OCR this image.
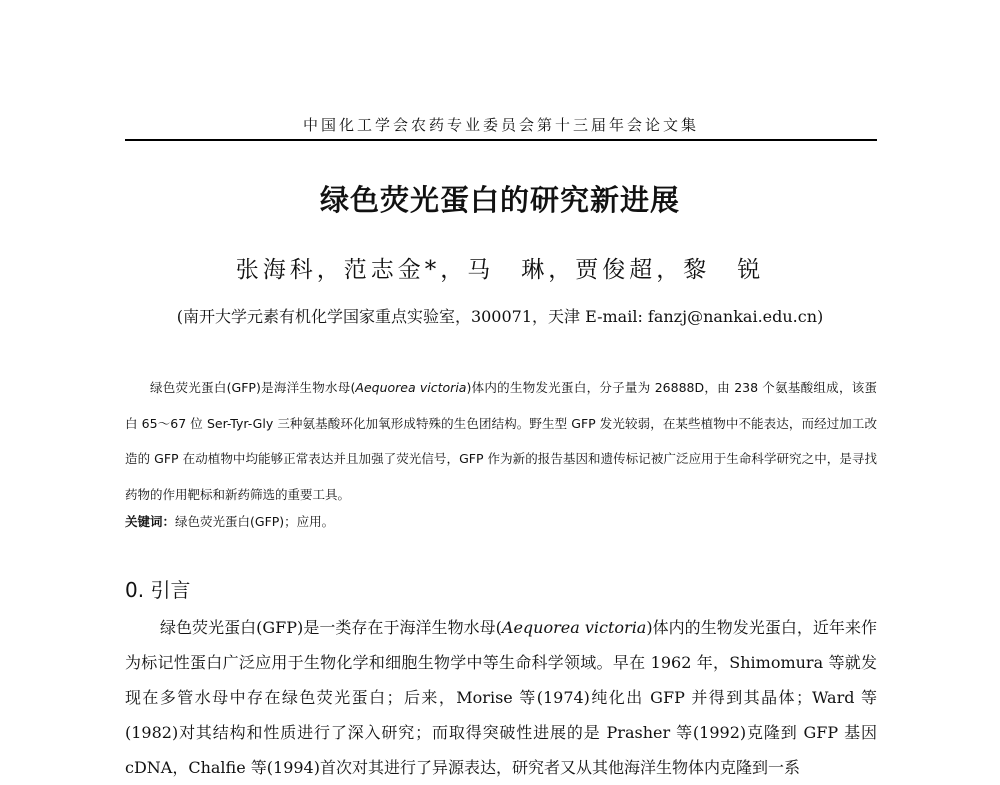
中国化工学会农药专业委员会第十三届年会论文集
绿色荧光蛋白的研究新进展
张海科，范志金*，马　琳，贾俊超，黎　锐
(南开大学元素有机化学国家重点实验室，300071，天津 E-mail: fanzj@nankai.edu.cn)
绿色荧光蛋白(GFP)是海洋生物水母(Aequorea victoria)体内的生物发光蛋白，分子量为 26888D，由 238 个氨基酸组成，该蛋白 65～67 位 Ser-Tyr-Gly 三种氨基酸环化加氧形成特殊的生色团结构。野生型 GFP 发光较弱，在某些植物中不能表达，而经过加工改造的 GFP 在动植物中均能够正常表达并且加强了荧光信号，GFP 作为新的报告基因和遗传标记被广泛应用于生命科学研究之中，是寻找药物的作用靶标和新药筛选的重要工具。
关键词：绿色荧光蛋白(GFP)；应用。
0. 引言
绿色荧光蛋白(GFP)是一类存在于海洋生物水母(Aequorea victoria)体内的生物发光蛋白，近年来作为标记性蛋白广泛应用于生物化学和细胞生物学中等生命科学领域。早在 1962 年，Shimomura 等就发现在多管水母中存在绿色荧光蛋白；后来，Morise 等(1974)纯化出 GFP 并得到其晶体；Ward 等(1982)对其结构和性质进行了深入研究；而取得突破性进展的是 Prasher 等(1992)克隆到 GFP 基因 cDNA，Chalfie 等(1994)首次对其进行了异源表达，研究者又从其他海洋生物体内克隆到一系
